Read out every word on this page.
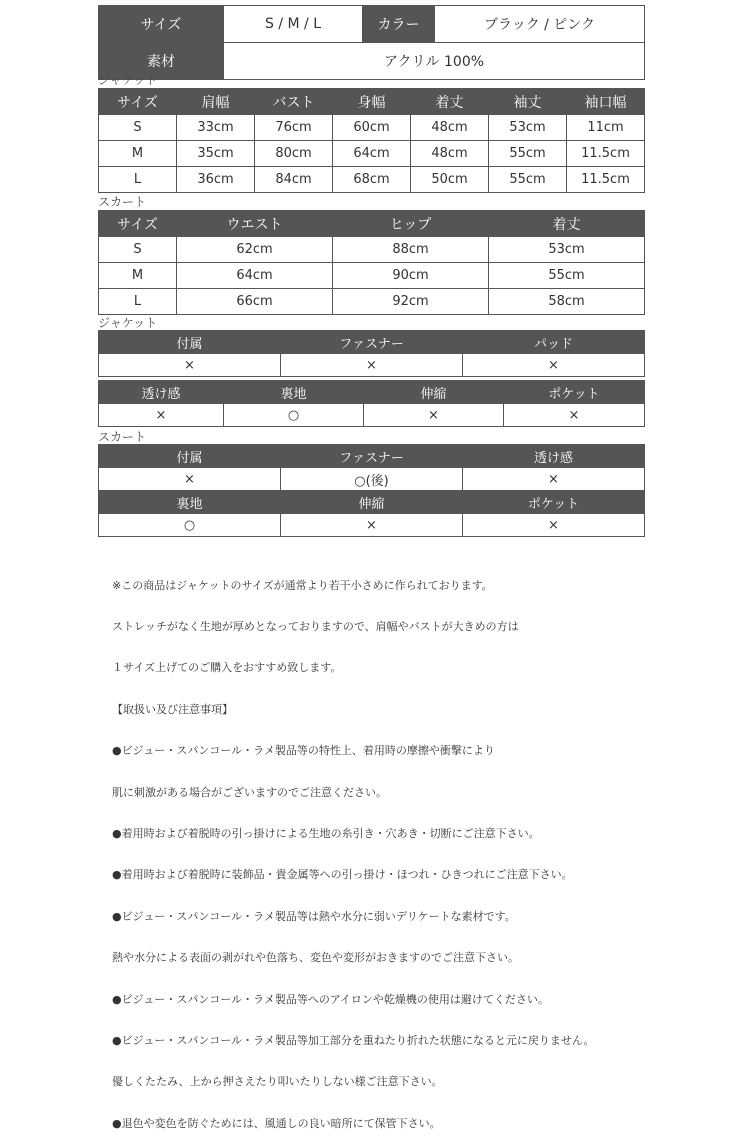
サイズ	S / M / L	カラー	ブラック / ピンク
素材	アクリル 100%		
ジャケット
サイズ	肩幅	バスト	身幅	着丈	袖丈	袖口幅
S	33cm	76cm	60cm	48cm	53cm	11cm
M	35cm	80cm	64cm	48cm	55cm	11.5cm
L	36cm	84cm	68cm	50cm	55cm	11.5cm
スカート
サイズ	ウエスト	ヒップ	着丈
S	62cm	88cm	53cm
M	64cm	90cm	55cm
L	66cm	92cm	58cm
ジャケット
付属	ファスナー	パッド
×	×	×
透け感	裏地	伸縮	ポケット
×	○	×	×
スカート
付属	ファスナー	透け感
×	○(後)	×
裏地	伸縮	ポケット
○	×	×

※この商品はジャケットのサイズが通常より若干小さめに作られております。

ストレッチがなく生地が厚めとなっておりますので、肩幅やバストが大きめの方は

１サイズ上げてのご購入をおすすめ致します。

【取扱い及び注意事項】

●ビジュー・スパンコール・ラメ製品等の特性上、着用時の摩擦や衝撃により

肌に刺激がある場合がございますのでご注意ください。

●着用時および着脱時の引っ掛けによる生地の糸引き・穴あき・切断にご注意下さい。

●着用時および着脱時に装飾品・貴金属等への引っ掛け・ほつれ・ひきつれにご注意下さい。

●ビジュー・スパンコール・ラメ製品等は熱や水分に弱いデリケートな素材です。

熱や水分による表面の剥がれや色落ち、変色や変形がおきますのでご注意下さい。

●ビジュー・スパンコール・ラメ製品等へのアイロンや乾燥機の使用は避けてください。

●ビジュー・スパンコール・ラメ製品等加工部分を重ねたり折れた状態になると元に戻りません。

優しくたたみ、上から押さえたり叩いたりしない様ご注意下さい。

●退色や変色を防ぐためには、風通しの良い暗所にて保管下さい。
